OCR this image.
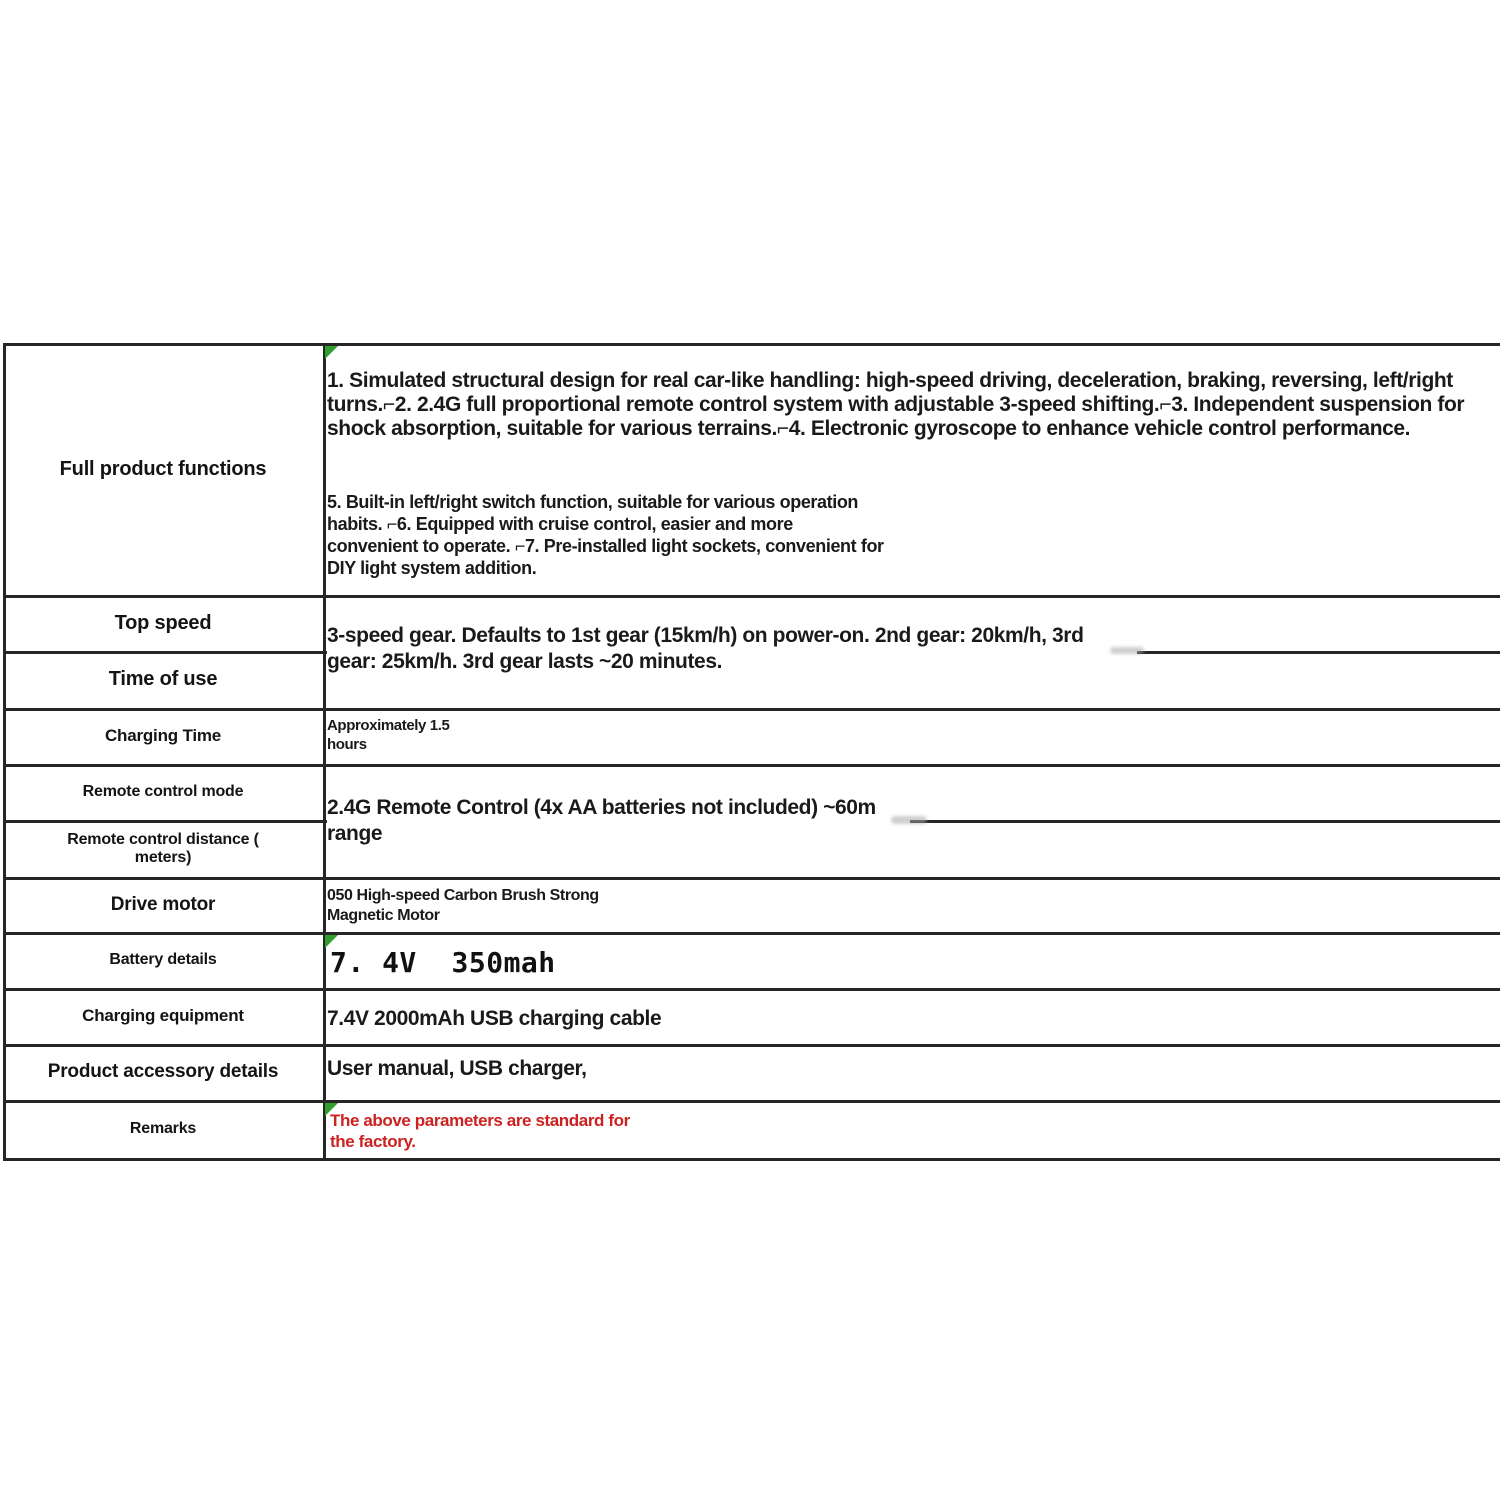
Full product functions
Top speed
Time of use
Charging Time
Remote control mode
Remote control distance (
meters)
Drive motor
Battery details
Charging equipment
Product accessory details
Remarks
1. Simulated structural design for real car-like handling: high-speed driving, deceleration, braking, reversing, left/right turns.⌐2. 2.4G full proportional remote control system with adjustable 3-speed shifting.⌐3. Independent suspension for shock absorption, suitable for various terrains.⌐4. Electronic gyroscope to enhance vehicle control performance.
5. Built-in left/right switch function, suitable for various operation habits. ⌐6. Equipped with cruise control, easier and more convenient to operate. ⌐7. Pre-installed light sockets, convenient for DIY light system addition.
3-speed gear. Defaults to 1st gear (15km/h) on power-on. 2nd gear: 20km/h, 3rd
gear: 25km/h. 3rd gear lasts ~20 minutes.
Approximately 1.5
hours
2.4G Remote Control (4x AA batteries not included) ~60m
range
050 High-speed Carbon Brush Strong
Magnetic Motor
7. 4V  350mah
7.4V 2000mAh USB charging cable
User manual, USB charger,
The above parameters are standard for
the factory.
